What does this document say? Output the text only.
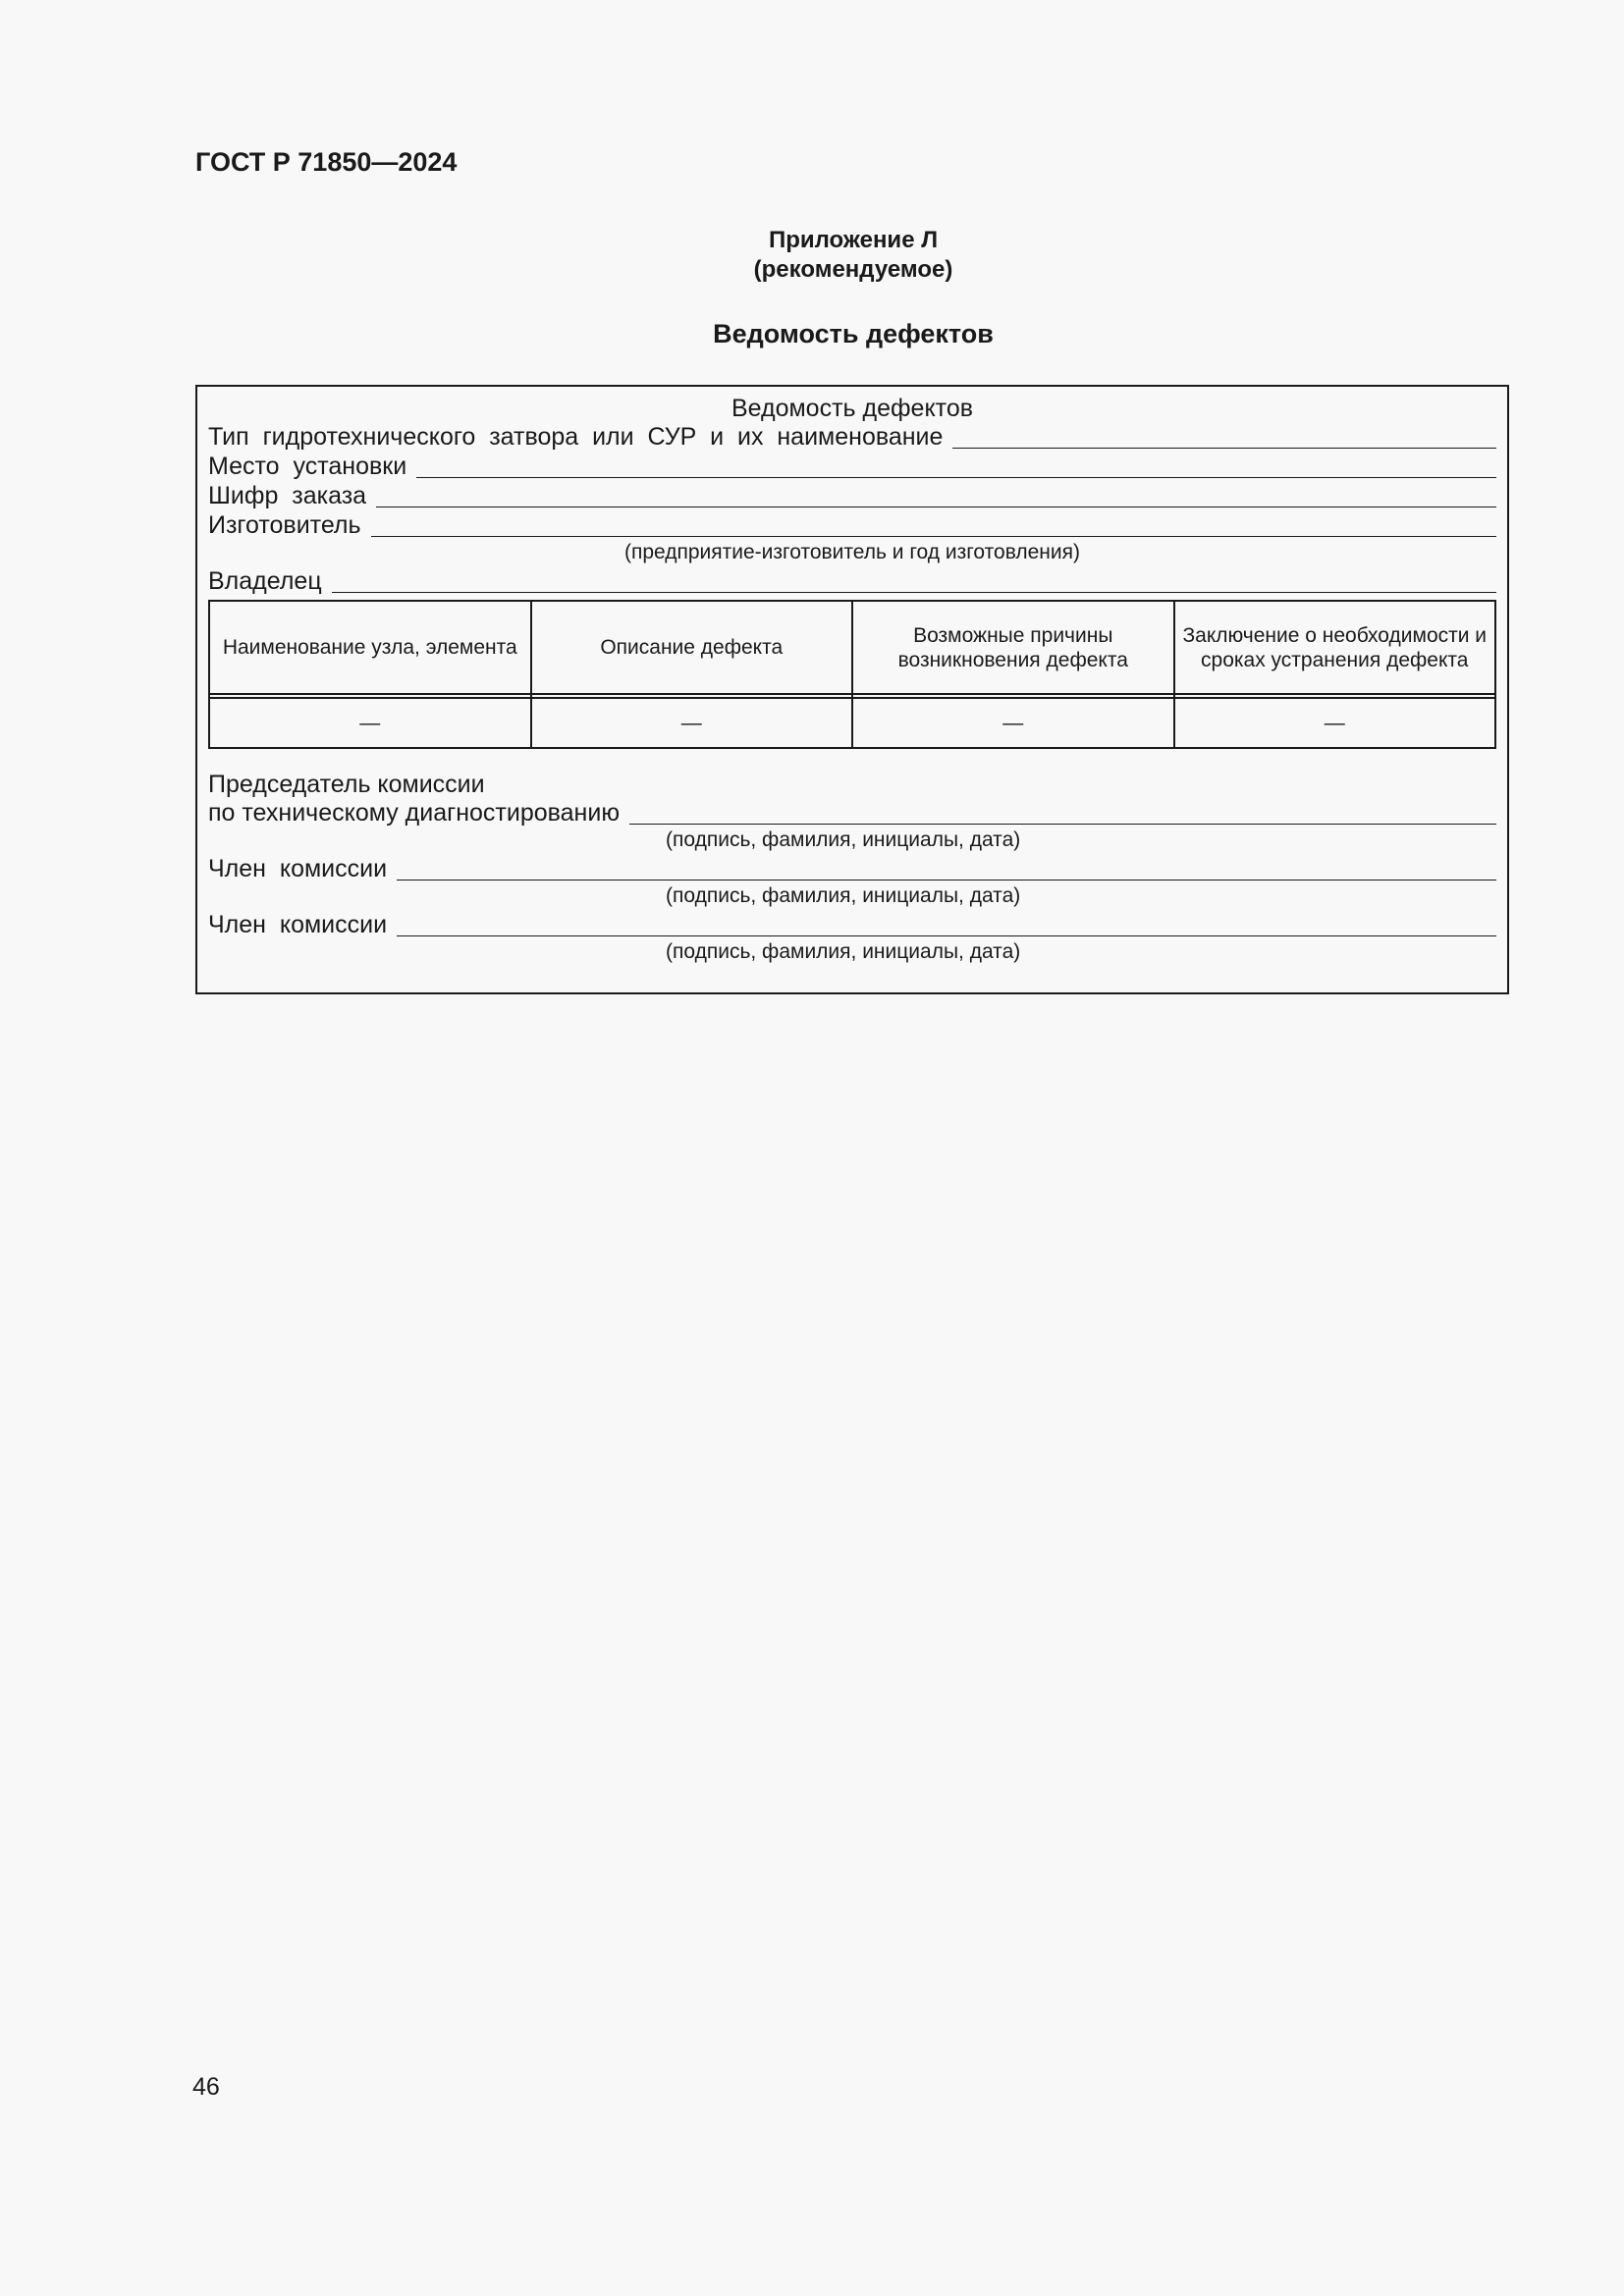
ГОСТ Р 71850—2024
Приложение Л
(рекомендуемое)
Ведомость дефектов
Ведомость дефектов
Тип  гидротехнического  затвора  или  СУР  и  их  наименование
Место  установки
Шифр  заказа
Изготовитель
(предприятие-изготовитель и год изготовления)
Владелец
Наименование узла, элемента	Описание дефекта	Возможные причины возникновения дефекта	Заключение о необходимости и сроках устранения дефекта

—	—	—	—
Председатель комиссии
по техническому диагностированию
(подпись, фамилия, инициалы, дата)
Член  комиссии
(подпись, фамилия, инициалы, дата)
Член  комиссии
(подпись, фамилия, инициалы, дата)
46
